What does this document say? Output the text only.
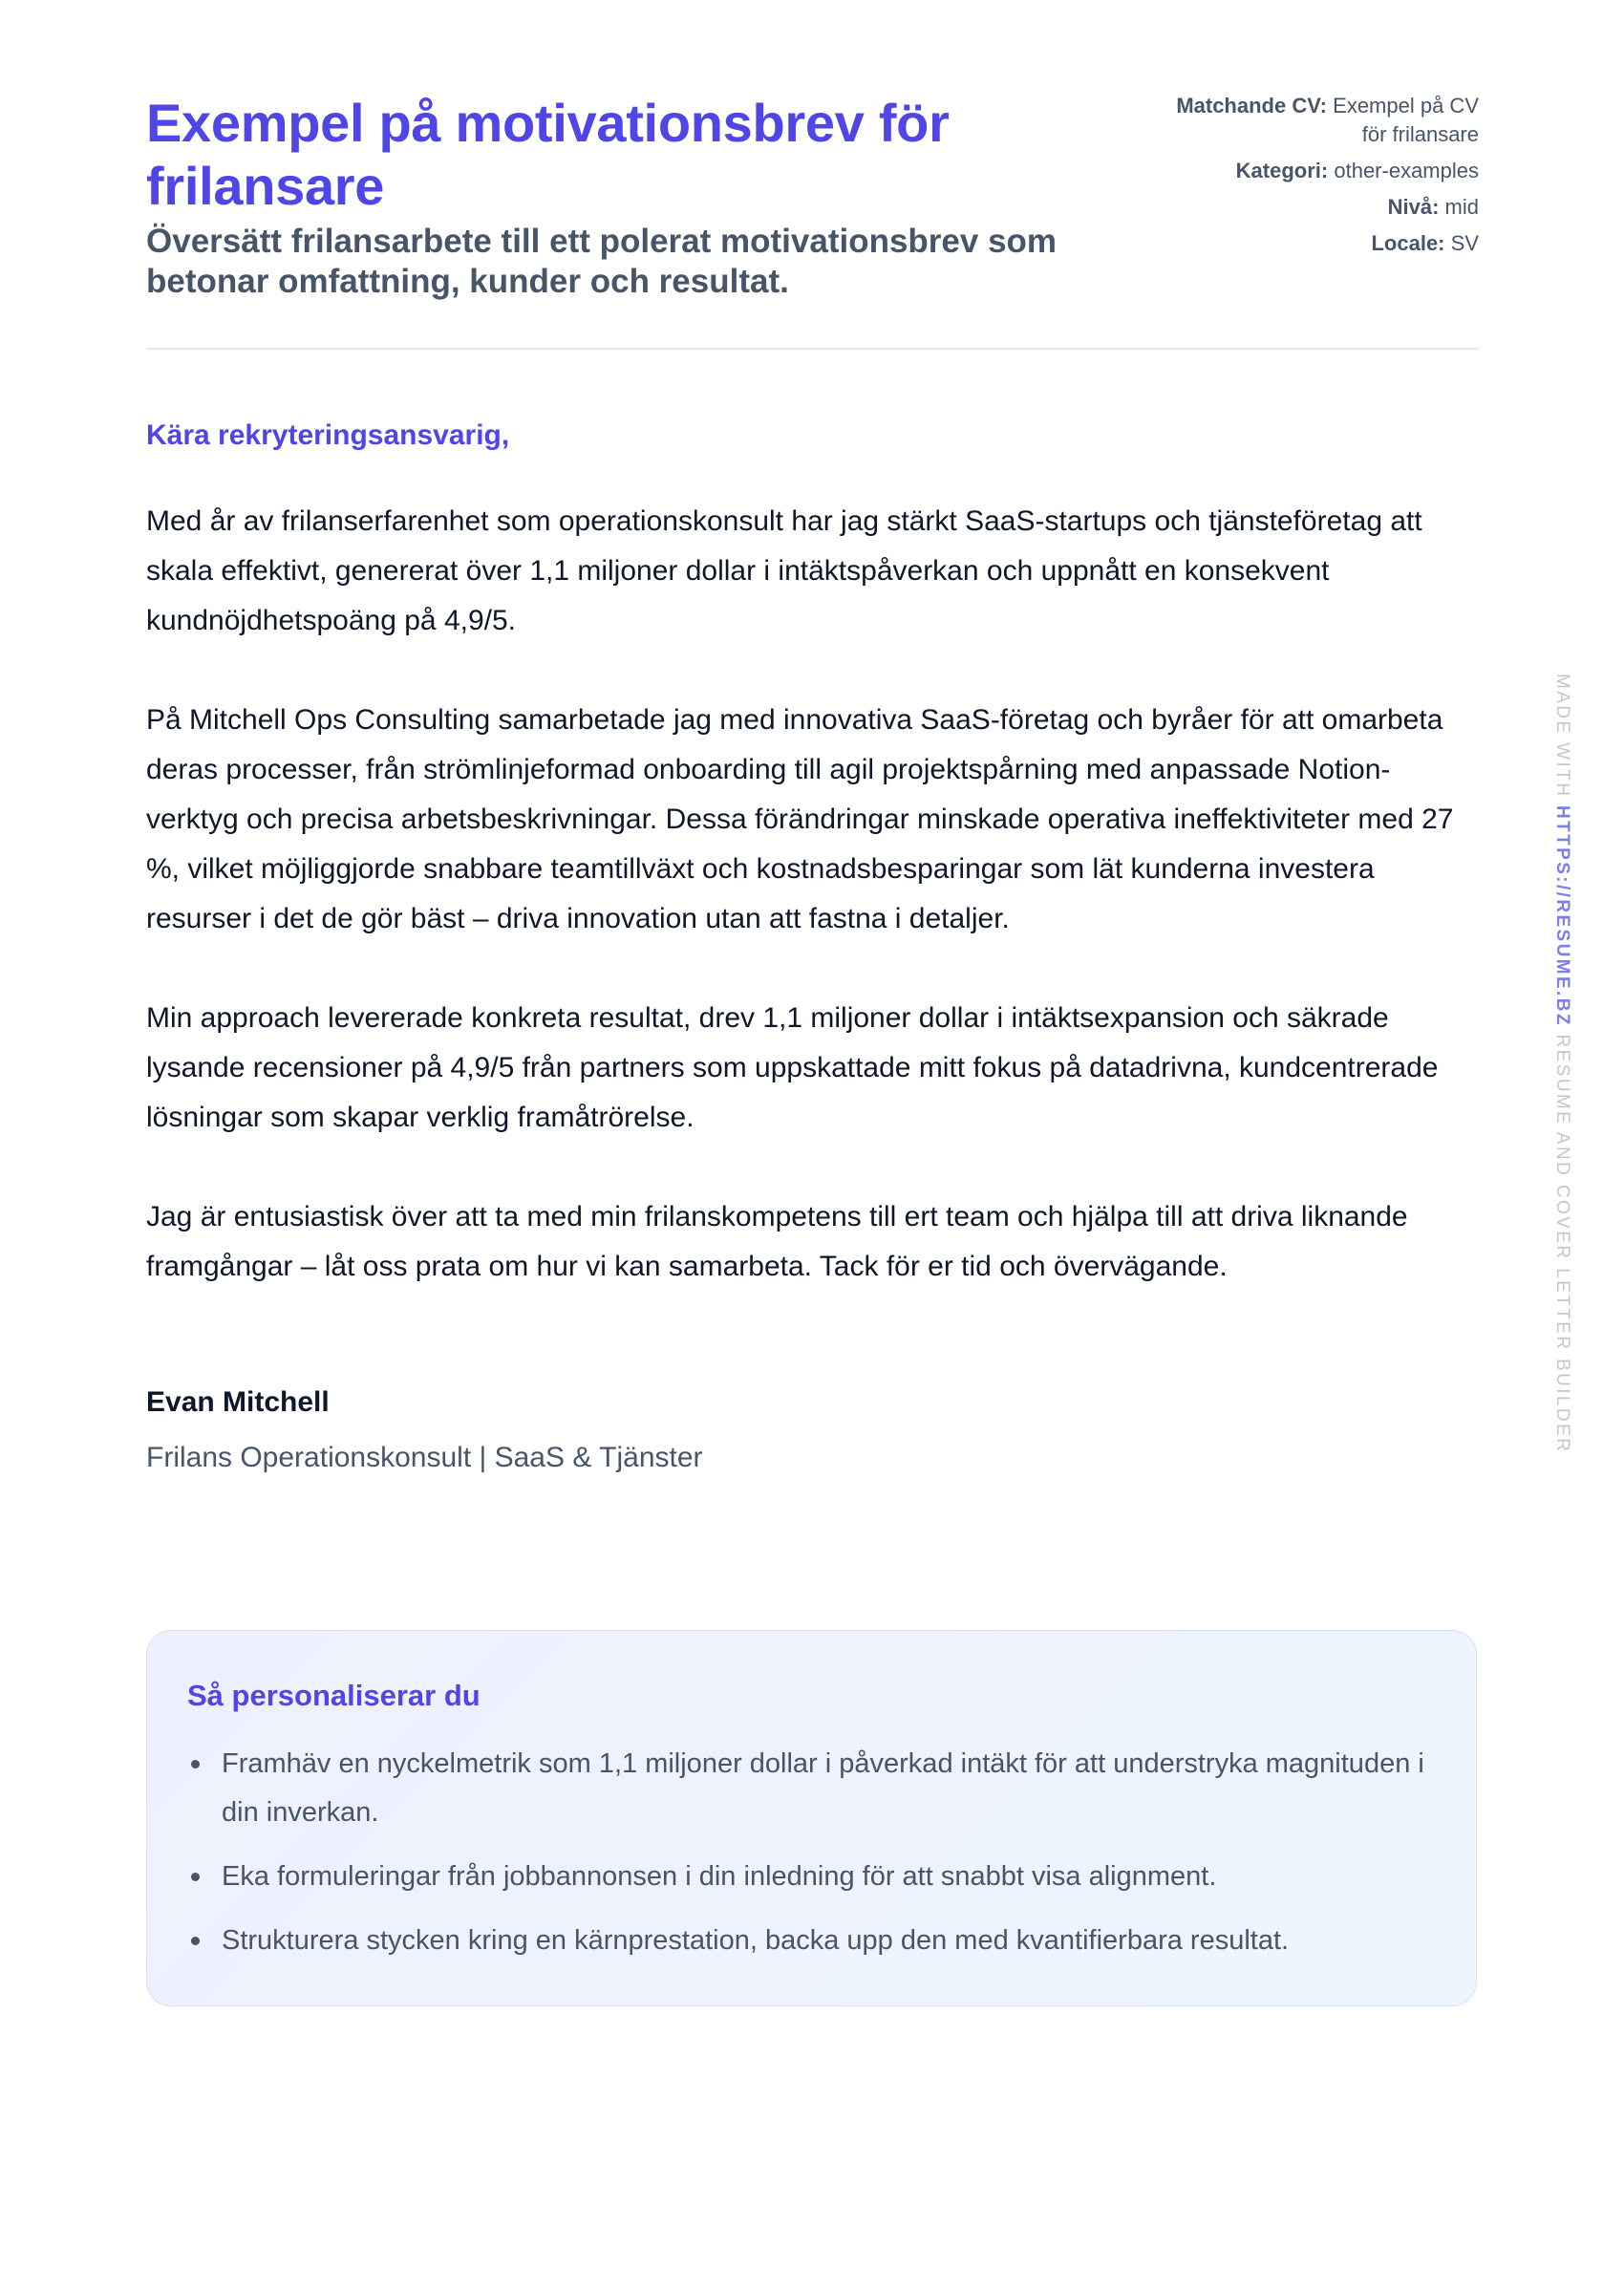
Exempel på motivationsbrev för frilansare

Översätt frilansarbete till ett polerat motivationsbrev som betonar omfattning, kunder och resultat.

Matchande CV: Exempel på CV för frilansare
Kategori: other-examples
Nivå: mid
Locale: SV

Kära rekryteringsansvarig,

Med år av frilanserfarenhet som operationskonsult har jag stärkt SaaS-startups och tjänsteföretag att skala effektivt, genererat över 1,1 miljoner dollar i intäktspåverkan och uppnått en konsekvent kundnöjdhetspoäng på 4,9/5.

På Mitchell Ops Consulting samarbetade jag med innovativa SaaS-företag och byråer för att omarbeta deras processer, från strömlinjeformad onboarding till agil projektspårning med anpassade Notion-verktyg och precisa arbetsbeskrivningar. Dessa förändringar minskade operativa ineffektiviteter med 27 %, vilket möjliggjorde snabbare teamtillväxt och kostnadsbesparingar som lät kunderna investera resurser i det de gör bäst – driva innovation utan att fastna i detaljer.

Min approach levererade konkreta resultat, drev 1,1 miljoner dollar i intäktsexpansion och säkrade lysande recensioner på 4,9/5 från partners som uppskattade mitt fokus på datadrivna, kundcentrerade lösningar som skapar verklig framåtrörelse.

Jag är entusiastisk över att ta med min frilanskompetens till ert team och hjälpa till att driva liknande framgångar – låt oss prata om hur vi kan samarbeta. Tack för er tid och övervägande.

Evan Mitchell

Frilans Operationskonsult | SaaS & Tjänster

Så personaliserar du
Framhäv en nyckelmetrik som 1,1 miljoner dollar i påverkad intäkt för att understryka magnituden i din inverkan.
Eka formuleringar från jobbannonsen i din inledning för att snabbt visa alignment.
Strukturera stycken kring en kärnprestation, backa upp den med kvantifierbara resultat.
MADE WITH HTTPS://RESUME.BZ RESUME AND COVER LETTER BUILDER
